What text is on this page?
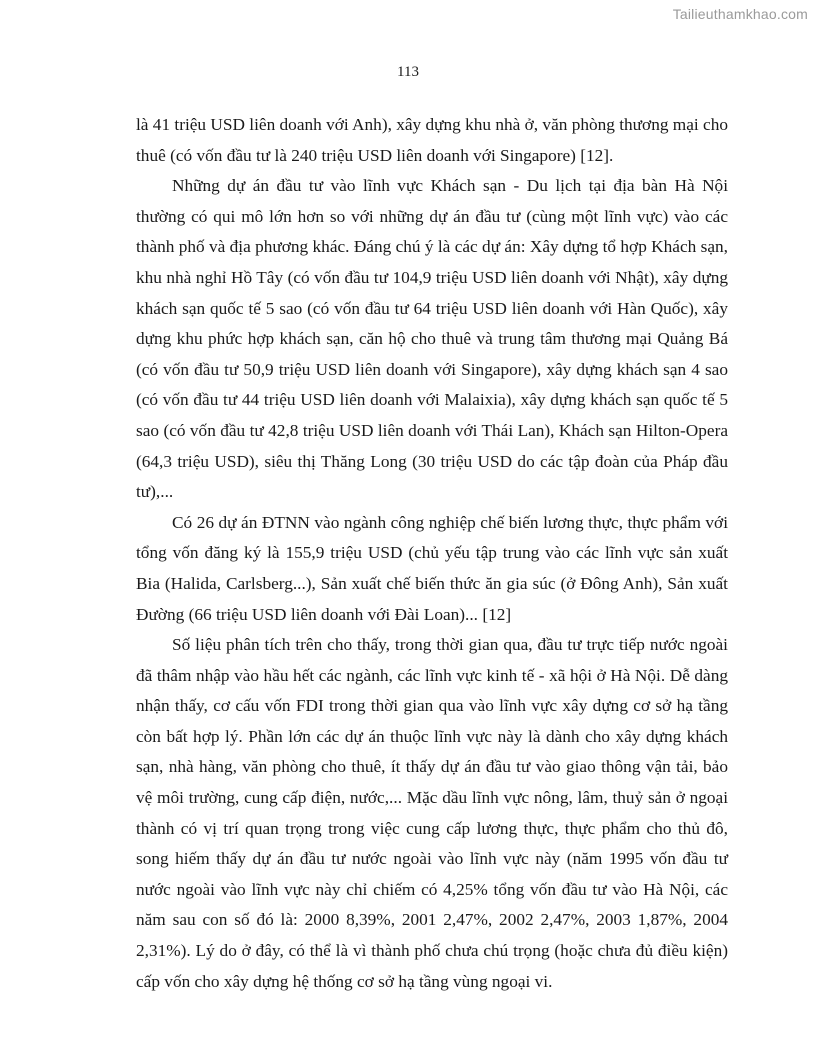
Tailieuthamkhao.com
113

là 41 triệu USD liên doanh với Anh), xây dựng khu nhà ở, văn phòng thương mại cho thuê (có vốn đầu tư là 240 triệu USD liên doanh với Singapore) [12].

Những dự án đầu tư vào lĩnh vực Khách sạn - Du lịch tại địa bàn Hà Nội thường có qui mô lớn hơn so với những dự án đầu tư (cùng một lĩnh vực) vào các thành phố và địa phương khác. Đáng chú ý là các dự án: Xây dựng tổ hợp Khách sạn, khu nhà nghỉ Hồ Tây (có vốn đầu tư 104,9 triệu USD liên doanh với Nhật), xây dựng khách sạn quốc tế 5 sao (có vốn đầu tư 64 triệu USD liên doanh với Hàn Quốc), xây dựng khu phức hợp khách sạn, căn hộ cho thuê và trung tâm thương mại Quảng Bá (có vốn đầu tư 50,9 triệu USD liên doanh với Singapore), xây dựng khách sạn 4 sao (có vốn đầu tư 44 triệu USD liên doanh với Malaixia), xây dựng khách sạn quốc tế 5 sao (có vốn đầu tư 42,8 triệu USD liên doanh với Thái Lan), Khách sạn Hilton-Opera (64,3 triệu USD), siêu thị Thăng Long (30 triệu USD do các tập đoàn của Pháp đầu tư),...

Có 26 dự án ĐTNN vào ngành công nghiệp chế biến lương thực, thực phẩm với tổng vốn đăng ký là 155,9 triệu USD (chủ yếu tập trung vào các lĩnh vực sản xuất Bia (Halida, Carlsberg...), Sản xuất chế biến thức ăn gia súc (ở Đông Anh), Sản xuất Đường (66 triệu USD liên doanh với Đài Loan)... [12]

Số liệu phân tích trên cho thấy, trong thời gian qua, đầu tư trực tiếp nước ngoài đã thâm nhập vào hầu hết các ngành, các lĩnh vực kinh tế - xã hội ở Hà Nội. Dễ dàng nhận thấy, cơ cấu vốn FDI trong thời gian qua vào lĩnh vực xây dựng cơ sở hạ tầng còn bất hợp lý. Phần lớn các dự án thuộc lĩnh vực này là dành cho xây dựng khách sạn, nhà hàng, văn phòng cho thuê, ít thấy dự án đầu tư vào giao thông vận tải, bảo vệ môi trường, cung cấp điện, nước,... Mặc dầu lĩnh vực nông, lâm, thuỷ sản ở ngoại thành có vị trí quan trọng trong việc cung cấp lương thực, thực phẩm cho thủ đô, song hiếm thấy dự án đầu tư nước ngoài vào lĩnh vực này (năm 1995 vốn đầu tư nước ngoài vào lĩnh vực này chỉ chiếm có 4,25% tổng vốn đầu tư vào Hà Nội, các năm sau con số đó là: 2000 8,39%, 2001 2,47%, 2002 2,47%, 2003 1,87%, 2004 2,31%). Lý do ở đây, có thể là vì thành phố chưa chú trọng (hoặc chưa đủ điều kiện) cấp vốn cho xây dựng hệ thống cơ sở hạ tầng vùng ngoại vi.
